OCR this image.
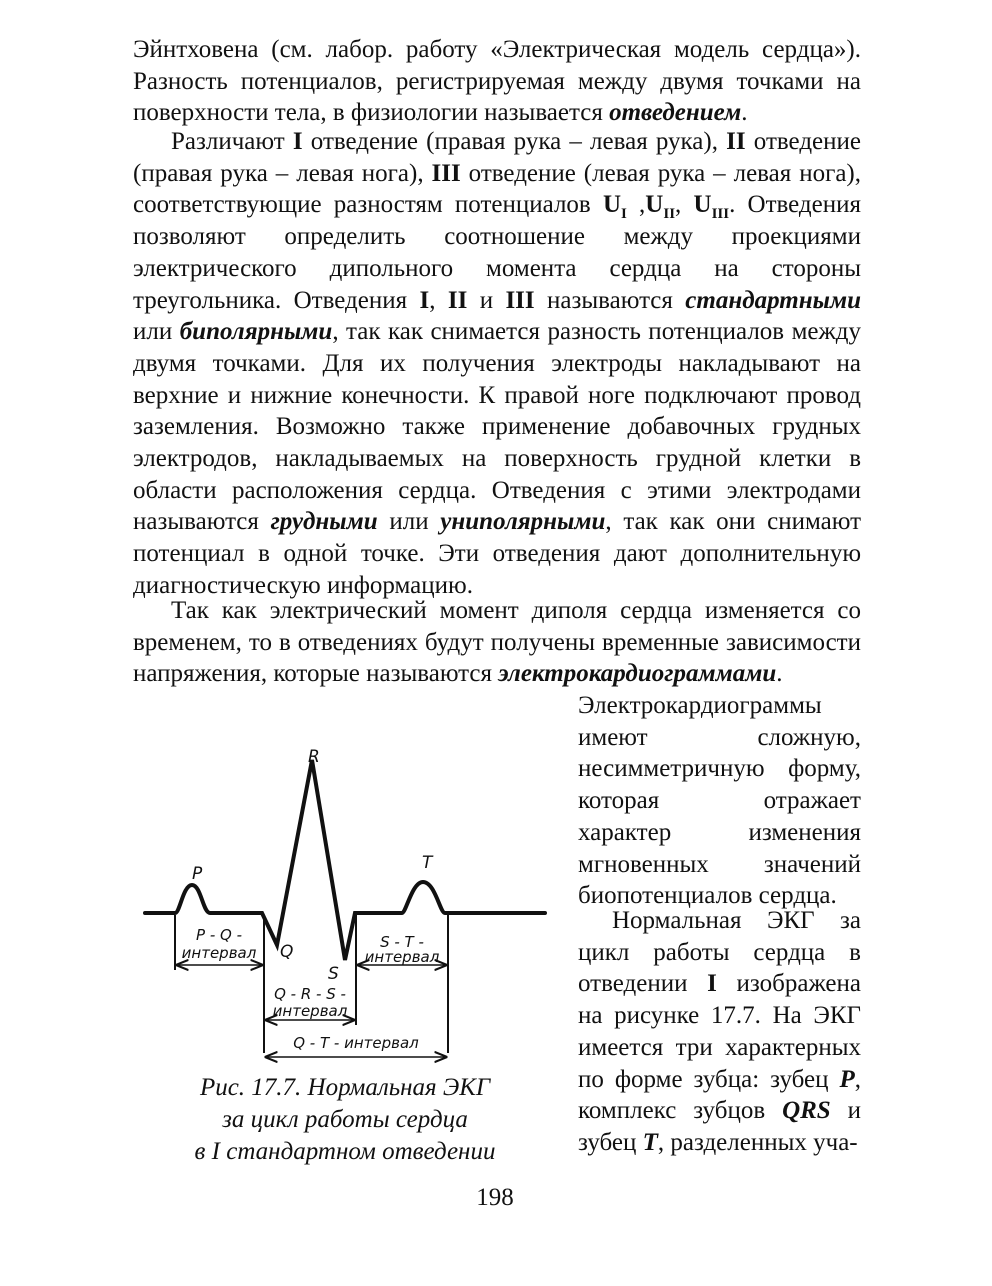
Эйнтховена (см. лабор. работу «Электрическая модель сердца»). Разность потенциалов, регистрируемая между двумя точками на поверхности тела, в физиологии называется отведением.

Различают I отведение (правая рука – левая рука), II отведение (правая рука – левая нога), III отведение (левая рука – левая нога), соответствующие разностям потенциалов $U_I$ $,U_{II}$, $U_{III}$. Отведения позволяют определить соотношение между проекциями электрического дипольного момента сердца на стороны треугольника. Отведения I, II и III называются стандартными или биполярными, так как снимается разность потенциалов между двумя точками. Для их получения электроды накладывают на верхние и нижние конечности. К правой ноге подключают провод заземления. Возможно также применение добавочных грудных электродов, накладываемых на поверхность грудной клетки в области расположения сердца. Отведения с этими электродами называются грудными или униполярными, так как они снимают потенциал в одной точке. Эти отведения дают дополнительную диагностическую информацию.

Так как электрический момент диполя сердца изменяется со временем, то в отведениях будут получены временные зависимости напряжения, которые называются электрокардиограммами.

Электрокардиограммы имеют сложную, несимметричную форму, которая отражает характер изменения мгновенных значений биопотенциалов сердца.

Нормальная ЭКГ за цикл работы сердца в отведении I изображена на рисунке 17.7. На ЭКГ имеется три характерных по форме зубца: зубец P, комплекс зубцов QRS и зубец T, разделенных уча-

R
P
T
Q
S
P - Q -
интервал
S - T -
интервал
Q - R - S -
интервал
Q - T - интервал

Рис. 17.7. Нормальная ЭКГ
за цикл работы сердца
в I стандартном отведении

198
